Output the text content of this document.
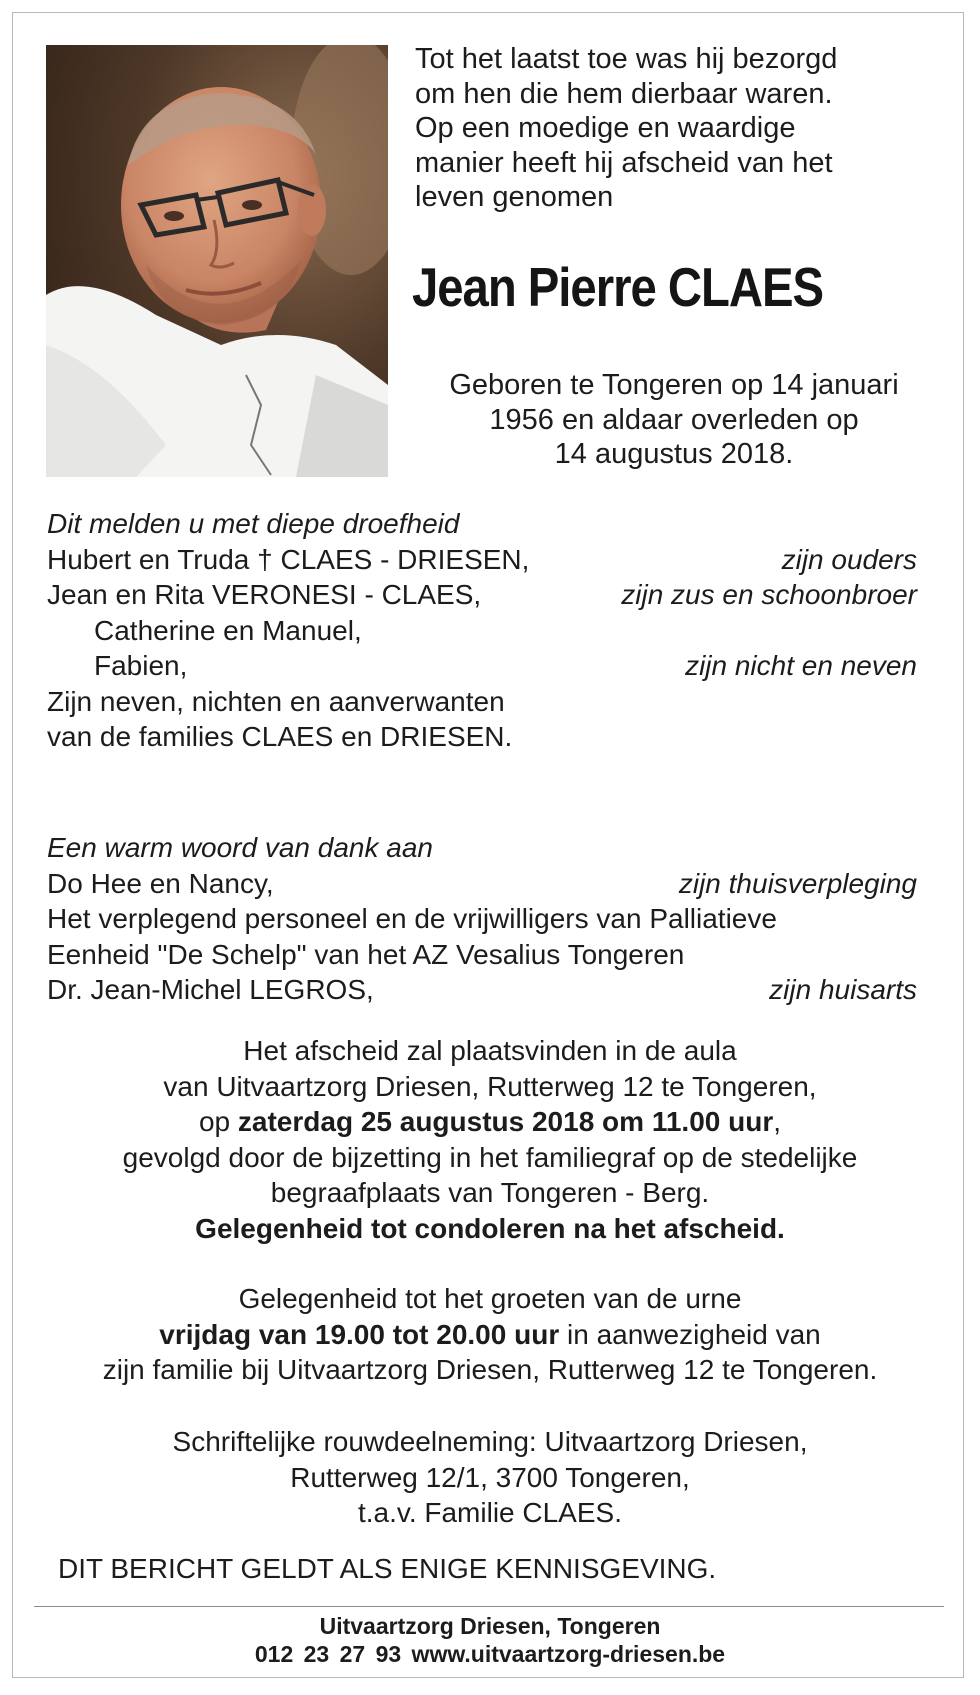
Tot het laatst toe was hij bezorgd
om hen die hem dierbaar waren.
Op een moedige en waardige
manier heeft hij afscheid van het
leven genomen
Jean Pierre CLAES
Geboren te Tongeren op 14 januari
1956 en aldaar overleden op
14 augustus 2018.
Dit melden u met diepe droefheid
Hubert en Truda † CLAES - DRIESEN,	zijn ouders
Jean en Rita VERONESI - CLAES,	zijn zus en schoonbroer
Catherine en Manuel,
Fabien,	zijn nicht en neven
Zijn neven, nichten en aanverwanten
van de families CLAES en DRIESEN.
Een warm woord van dank aan
Do Hee en Nancy,	zijn thuisverpleging
Het verplegend personeel en de vrijwilligers van Palliatieve
Eenheid "De Schelp" van het AZ Vesalius Tongeren
Dr. Jean-Michel LEGROS,	zijn huisarts
Het afscheid zal plaatsvinden in de aula
van Uitvaartzorg Driesen, Rutterweg 12 te Tongeren,
op zaterdag 25 augustus 2018 om 11.00 uur,
gevolgd door de bijzetting in het familiegraf op de stedelijke
begraafplaats van Tongeren - Berg.
Gelegenheid tot condoleren na het afscheid.
Gelegenheid tot het groeten van de urne
vrijdag van 19.00 tot 20.00 uur in aanwezigheid van
zijn familie bij Uitvaartzorg Driesen, Rutterweg 12 te Tongeren.
Schriftelijke rouwdeelneming: Uitvaartzorg Driesen,
Rutterweg 12/1, 3700 Tongeren,
t.a.v. Familie CLAES.
DIT BERICHT GELDT ALS ENIGE KENNISGEVING.
Uitvaartzorg Driesen, Tongeren
012 23 27 93 www.uitvaartzorg-driesen.be
